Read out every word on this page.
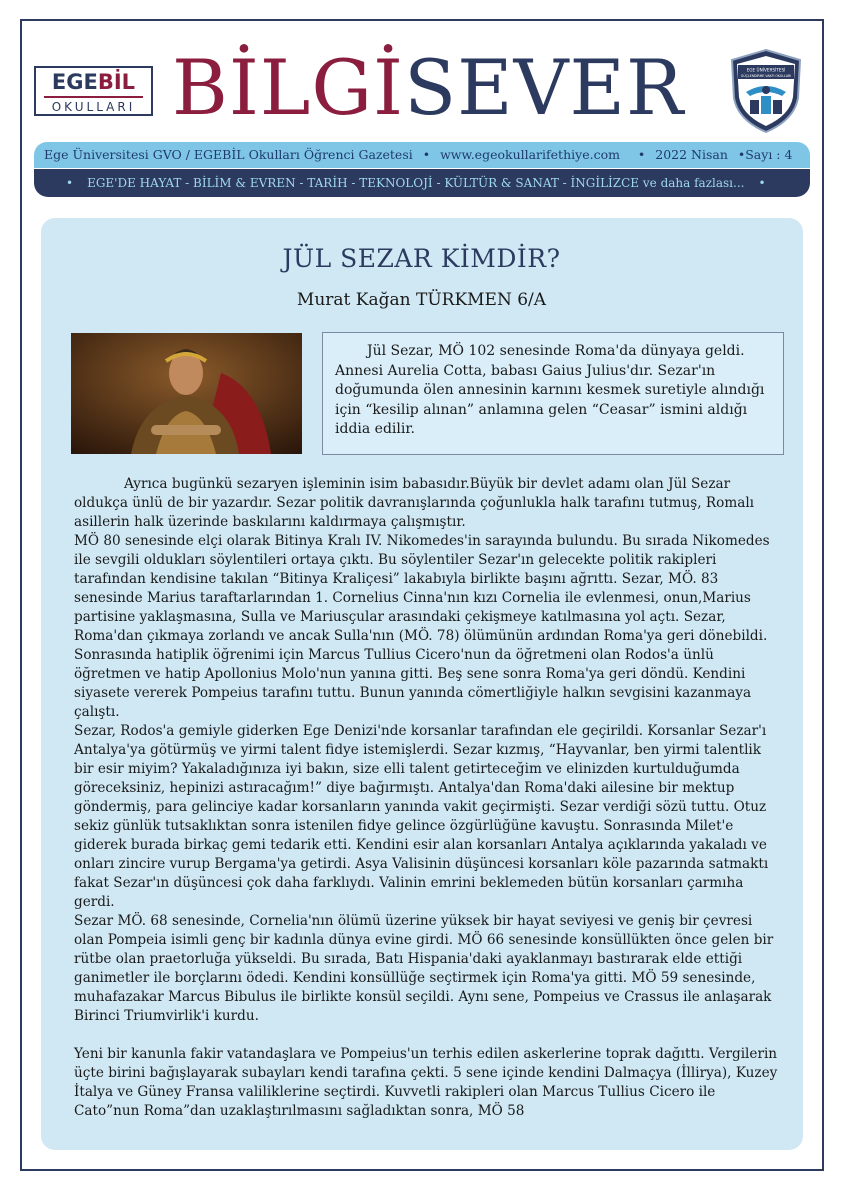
EGEBİL
OKULLARI BİLGİSEVER	EGE ÜNİVERSİTESİ
GÜÇLENDİRME VAKFI OKULLARI
Ege Üniversitesi GVO / EGEBİL Okulları Öğrenci Gazetesi • www.egeokullarifethiye.com   • 2022 Nisan •Sayı : 4
• EGE'DE HAYAT - BİLİM & EVREN - TARİH - TEKNOLOJİ - KÜLTÜR & SANAT - İNGİLİZCE ve daha fazlası... •
JÜL SEZAR KİMDİR?
Murat Kağan TÜRKMEN 6/A

Jül Sezar, MÖ 102 senesinde Roma'da dünyaya geldi. Annesi Aurelia Cotta, babası Gaius Julius'dır. Sezar'ın doğumunda ölen annesinin karnını kesmek suretiyle alındığı için “kesilip alınan” anlamına gelen “Ceasar” ismini aldığı iddia edilir.

Ayrıca bugünkü sezaryen işleminin isim babasıdır.Büyük bir devlet adamı olan Jül Sezar oldukça ünlü de bir yazardır. Sezar politik davranışlarında çoğunlukla halk tarafını tutmuş, Romalı asillerin halk üzerinde baskılarını kaldırmaya çalışmıştır.

MÖ 80 senesinde elçi olarak Bitinya Kralı IV. Nikomedes'in sarayında bulundu. Bu sırada Nikomedes ile sevgili oldukları söylentileri ortaya çıktı. Bu söylentiler Sezar'ın gelecekte politik rakipleri tarafından kendisine takılan “Bitinya Kraliçesi” lakabıyla birlikte başını ağrıttı. Sezar, MÖ. 83 senesinde Marius taraftarlarından 1. Cornelius Cinna'nın kızı Cornelia ile evlenmesi, onun,Marius partisine yaklaşmasına, Sulla ve Mariusçular arasındaki çekişmeye katılmasına yol açtı. Sezar, Roma'dan çıkmaya zorlandı ve ancak Sulla'nın (MÖ. 78) ölümünün ardından Roma'ya geri dönebildi. Sonrasında hatiplik öğrenimi için Marcus Tullius Cicero'nun da öğretmeni olan Rodos'a ünlü öğretmen ve hatip Apollonius Molo'nun yanına gitti. Beş sene sonra Roma'ya geri döndü. Kendini siyasete vererek Pompeius tarafını tuttu. Bunun yanında cömertliğiyle halkın sevgisini kazanmaya çalıştı.

Sezar, Rodos'a gemiyle giderken Ege Denizi'nde korsanlar tarafından ele geçirildi. Korsanlar Sezar'ı Antalya'ya götürmüş ve yirmi talent fidye istemişlerdi. Sezar kızmış, “Hayvanlar, ben yirmi talentlik bir esir miyim? Yakaladığınıza iyi bakın, size elli talent getirteceğim ve elinizden kurtulduğumda göreceksiniz, hepinizi astıracağım!” diye bağırmıştı. Antalya'dan Roma'daki ailesine bir mektup göndermiş, para gelinciye kadar korsanların yanında vakit geçirmişti. Sezar verdiği sözü tuttu. Otuz sekiz günlük tutsaklıktan sonra istenilen fidye gelince özgürlüğüne kavuştu. Sonrasında Milet'e giderek burada birkaç gemi tedarik etti. Kendini esir alan korsanları Antalya açıklarında yakaladı ve onları zincire vurup Bergama'ya getirdi. Asya Valisinin düşüncesi korsanları köle pazarında satmaktı fakat Sezar'ın düşüncesi çok daha farklıydı. Valinin emrini beklemeden bütün korsanları çarmıha gerdi.

Sezar MÖ. 68 senesinde, Cornelia'nın ölümü üzerine yüksek bir hayat seviyesi ve geniş bir çevresi olan Pompeia isimli genç bir kadınla dünya evine girdi. MÖ 66 senesinde konsüllükten önce gelen bir rütbe olan praetorluğa yükseldi. Bu sırada, Batı Hispania'daki ayaklanmayı bastırarak elde ettiği ganimetler ile borçlarını ödedi. Kendini konsüllüğe seçtirmek için Roma'ya gitti. MÖ 59 senesinde, muhafazakar Marcus Bibulus ile birlikte konsül seçildi. Aynı sene, Pompeius ve Crassus ile anlaşarak Birinci Triumvirlik'i kurdu.

Yeni bir kanunla fakir vatandaşlara ve Pompeius'un terhis edilen askerlerine toprak dağıttı. Vergilerin üçte birini bağışlayarak subayları kendi tarafına çekti. 5 sene içinde kendini Dalmaçya (İllirya), Kuzey İtalya ve Güney Fransa valiliklerine seçtirdi. Kuvvetli rakipleri olan Marcus Tullius Cicero ile Cato”nun Roma”dan uzaklaştırılmasını sağladıktan sonra, MÖ 58
